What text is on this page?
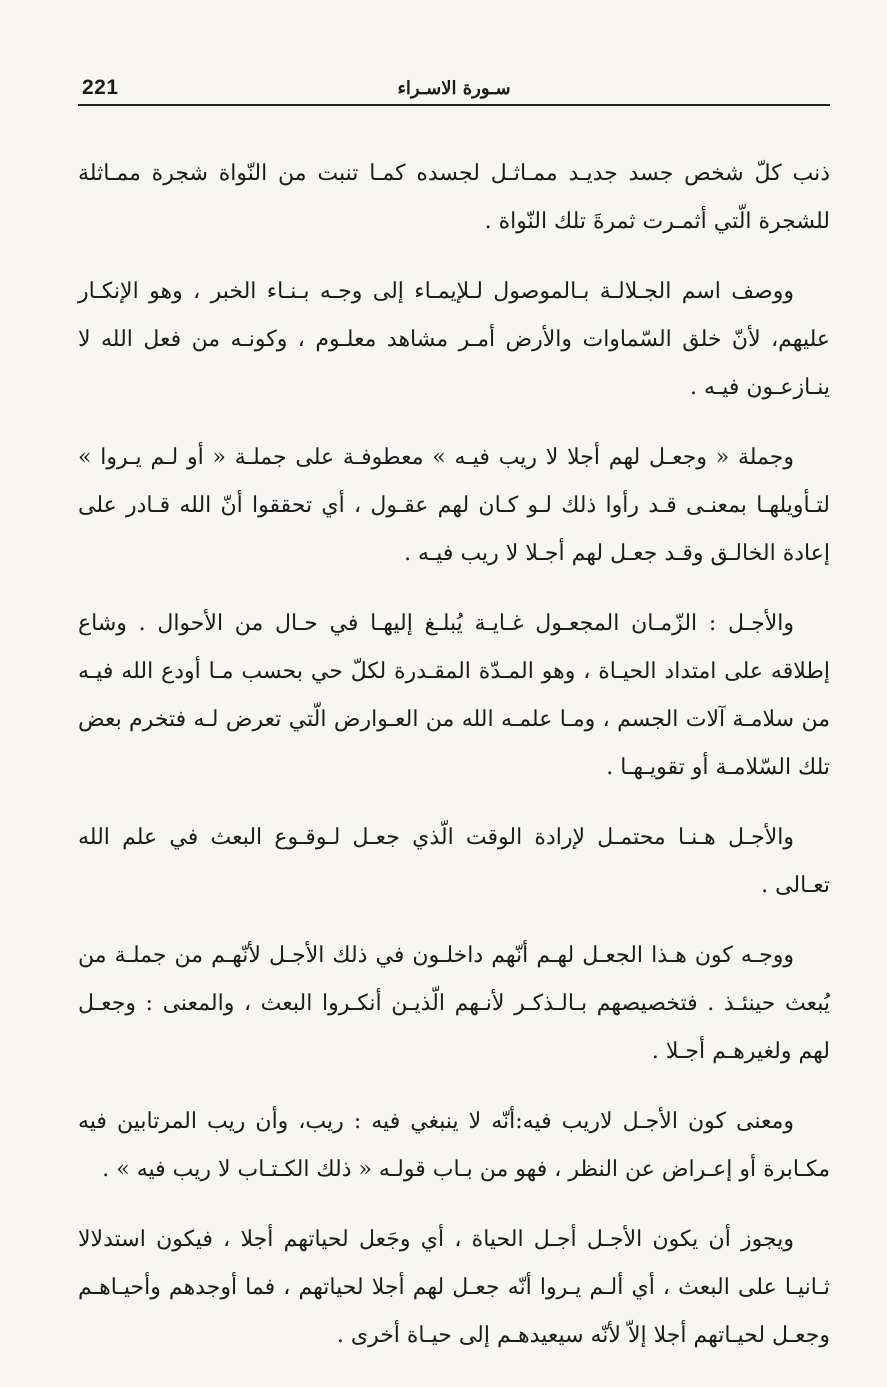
221	سـورة الاسـراء

ذنب كلّ شخص جسد جديـد ممـاثـل لجسده كمـا تنبت من النّواة شجرة ممـاثلة للشجرة الّتي أثمـرت ثمرةَ تلك النّواة .

ووصف اسم الجـلالـة بـالموصول لـلإيمـاء إلى وجـه بـنـاء الخبر ، وهو الإنكـار عليهم، لأنّ خلق السّماوات والأرض أمـر مشاهد معلـوم ، وكونـه من فعل الله لا ينـازعـون فيـه .

وجملة « وجعـل لهم أجلا لا ريب فيـه » معطوفـة على جملـة « أو لـم يـروا » لتـأويلهـا بمعنـى قـد رأوا ذلك لـو كـان لهم عقـول ، أي تحققوا أنّ الله قـادر على إعادة الخالـق وقـد جعـل لهم أجـلا لا ريب فيـه .

والأجـل : الزّمـان المجعـول غـايـة يُبلـغ إليهـا في حـال من الأحوال . وشاع إطلاقه على امتداد الحيـاة ، وهو المـدّة المقـدرة لكلّ حي بحسب مـا أودع الله فيـه من سلامـة آلات الجسم ، ومـا علمـه الله من العـوارض الّتي تعرض لـه فتخرم بعض تلك السّلامـة أو تقويـهـا .

والأجـل هـنـا محتمـل لإرادة الوقت الّذي جعـل لـوقـوع البعث في علم الله تعـالى .

ووجـه كون هـذا الجعـل لهـم أنّهم داخلـون في ذلك الأجـل لأنّهـم من جملـة من يُبعث حينئـذ . فتخصيصهم بـالـذكـر لأنـهم الّذيـن أنكـروا البعث ، والمعنى : وجعـل لهم ولغيرهـم أجـلا .

ومعنى كون الأجـل لاريب فيه:أنّه لا ينبغي فيه : ريب، وأن ريب المرتابين فيه مكـابرة أو إعـراض عن النظر ، فهو من بـاب قولـه « ذلك الكـتـاب لا ريب فيه » .

ويجوز أن يكون الأجـل أجـل الحياة ، أي وجَعل لحياتهم أجلا ، فيكون استدلالا ثـانيـا على البعث ، أي ألـم يـروا أنّه جعـل لهم أجلا لحياتهم ، فما أوجدهم وأحيـاهـم وجعـل لحيـاتهم أجلا إلاّ لأنّه سيعيدهـم إلى حيـاة أخرى .
